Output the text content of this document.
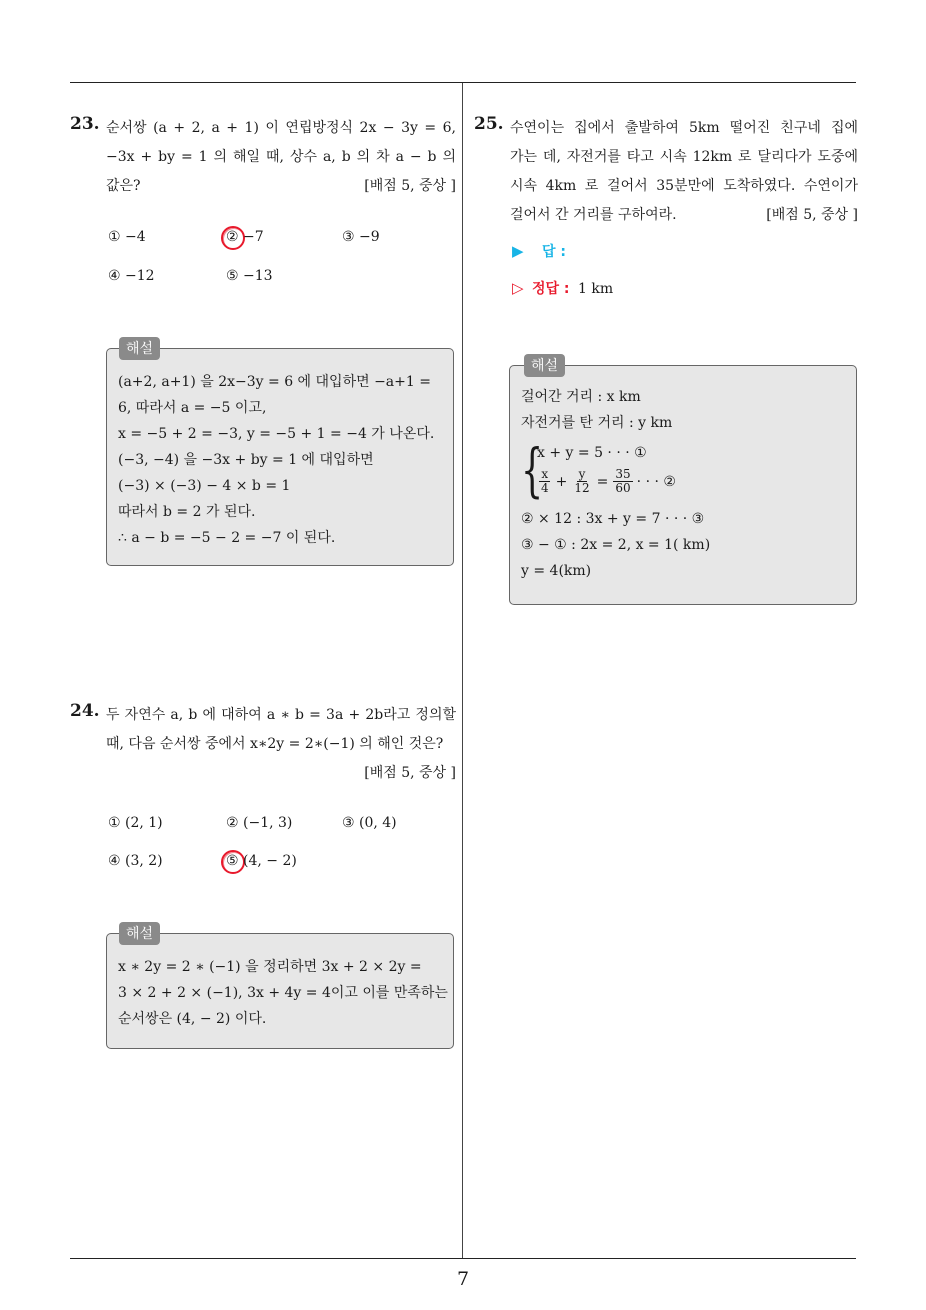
23. 순서쌍 (a + 2, a + 1) 이 연립방정식 2x − 3y = 6,
−3x + by = 1 의 해일 때, 상수 a, b 의 차 a − b 의
값은?	[배점 5, 중상 ]
① −4	② −7	③ −9
④ −12	⑤ −13
해설
(a+2, a+1) 을 2x−3y = 6 에 대입하면 −a+1 =
6, 따라서 a = −5 이고,
x = −5 + 2 = −3, y = −5 + 1 = −4 가 나온다.
(−3, −4) 을 −3x + by = 1 에 대입하면
(−3) × (−3) − 4 × b = 1
따라서 b = 2 가 된다.
∴ a − b = −5 − 2 = −7 이 된다.
24. 두 자연수 a, b 에 대하여 a ∗ b = 3a + 2b라고 정의할
때, 다음 순서쌍 중에서 x∗2y = 2∗(−1) 의 해인 것은?
[배점 5, 중상 ]
① (2, 1)	② (−1, 3)	③ (0, 4)
④ (3, 2)	⑤ (4, − 2)
해설
x ∗ 2y = 2 ∗ (−1) 을 정리하면 3x + 2 × 2y =
3 × 2 + 2 × (−1), 3x + 4y = 4이고 이를 만족하는
순서쌍은 (4, − 2) 이다.
25. 수연이는 집에서 출발하여 5km 떨어진 친구네 집에
가는 데, 자전거를 타고 시속 12km 로 달리다가 도중에
시속 4km 로 걸어서 35분만에 도착하였다. 수연이가
걸어서 간 거리를 구하여라.	[배점 5, 중상 ]
▶ 답 :
▷ 정답 : 1 km
해설
걸어간 거리 : x km
자전거를 탄 거리 : y km
{
x + y = 5 · · · ①
$\frac{x}{4} + \frac{y}{12} = \frac{35}{60}$ · · · ②
② × 12 : 3x + y = 7 · · · ③
③ − ① : 2x = 2, x = 1( km)
y = 4(km)
7
